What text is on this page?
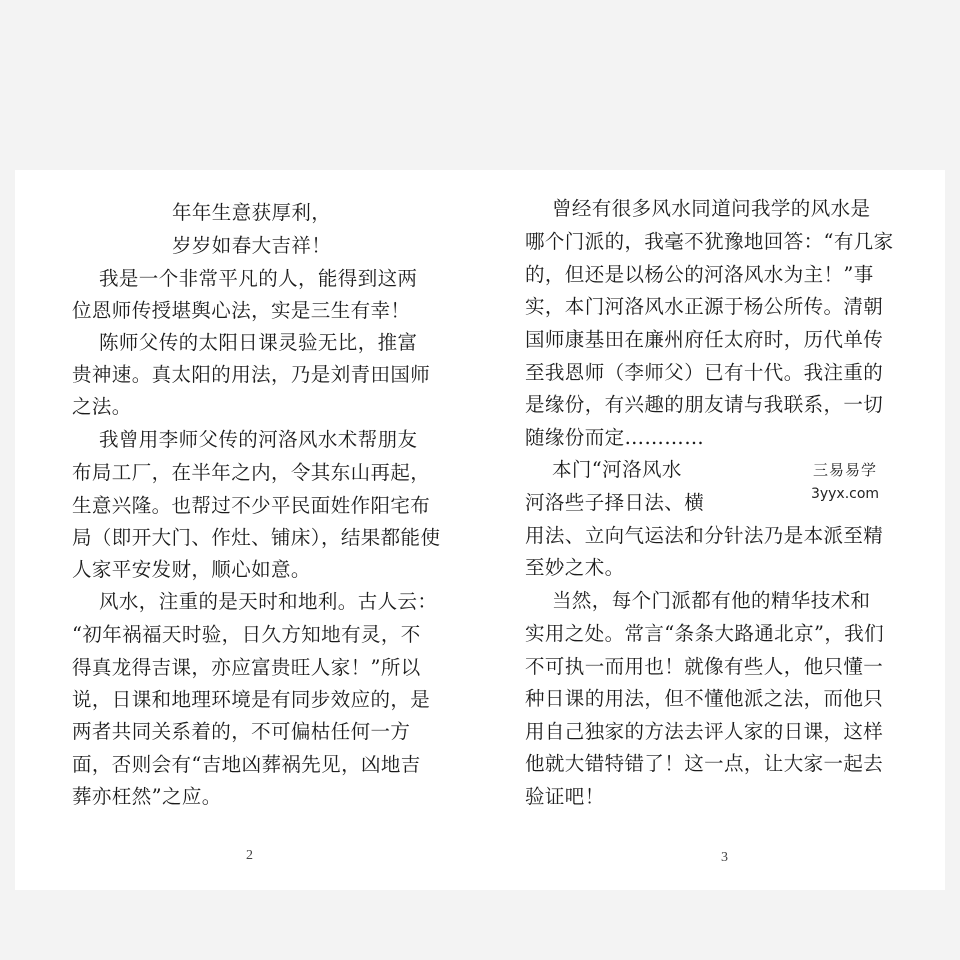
年年生意获厚利，
岁岁如春大吉祥！
我是一个非常平凡的人，能得到这两
位恩师传授堪舆心法，实是三生有幸！
陈师父传的太阳日课灵验无比，推富
贵神速。真太阳的用法，乃是刘青田国师
之法。
我曾用李师父传的河洛风水术帮朋友
布局工厂，在半年之内，令其东山再起，
生意兴隆。也帮过不少平民面姓作阳宅布
局（即开大门、作灶、铺床），结果都能使
人家平安发财，顺心如意。
风水，注重的是天时和地利。古人云：
“初年祸福天时验，日久方知地有灵，不
得真龙得吉课，亦应富贵旺人家！”所以
说，日课和地理环境是有同步效应的，是
两者共同关系着的，不可偏枯任何一方
面，否则会有“吉地凶葬祸先见，凶地吉
葬亦枉然”之应。
2
曾经有很多风水同道问我学的风水是
哪个门派的，我毫不犹豫地回答：“有几家
的，但还是以杨公的河洛风水为主！”事
实，本门河洛风水正源于杨公所传。清朝
国师康基田在廉州府任太府时，历代单传
至我恩师（李师父）已有十代。我注重的
是缘份，有兴趣的朋友请与我联系，一切
随缘份而定…………
本门“河洛风水
河洛些子择日法、横
用法、立向气运法和分针法乃是本派至精
至妙之术。
当然，每个门派都有他的精华技术和
实用之处。常言“条条大路通北京”，我们
不可执一而用也！就像有些人，他只懂一
种日课的用法，但不懂他派之法，而他只
用自己独家的方法去评人家的日课，这样
他就大错特错了！这一点，让大家一起去
验证吧！
3
三易易学
3yyx.com
